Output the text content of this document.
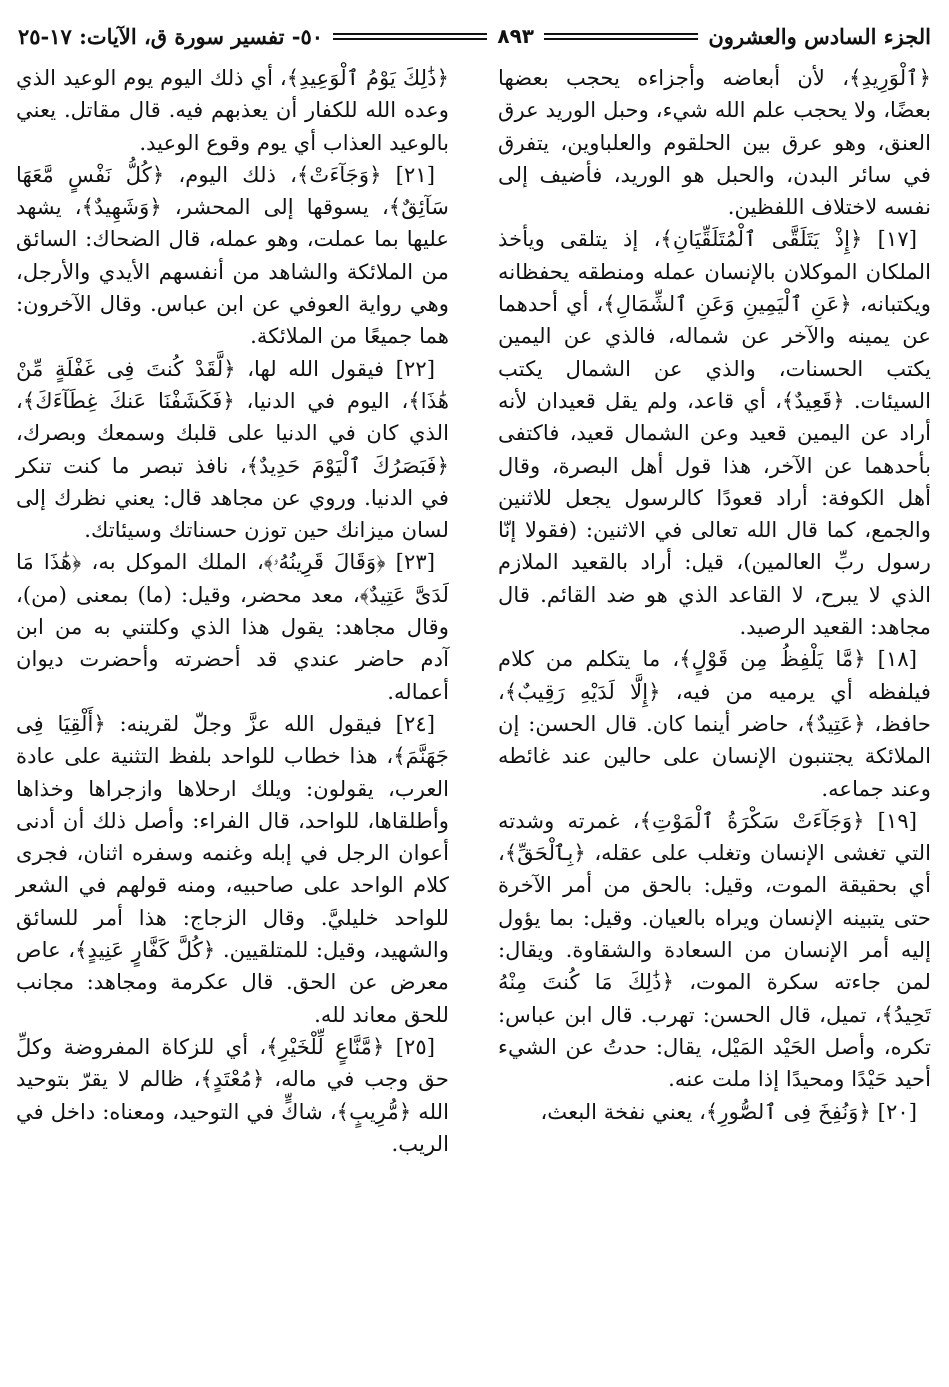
الجزء السادس والعشرون
٨٩٣
٥٠- تفسير سورة ق، الآيات: ١٧-٢٥

﴿ٱلْوَرِيدِ﴾، لأن أبعاضه وأجزاءه يحجب بعضها بعضًا، ولا يحجب علم الله شيء، وحبل الوريد عرق العنق، وهو عرق بين الحلقوم والعلباوين، يتفرق في سائر البدن، والحبل هو الوريد، فأضيف إلى نفسه لاختلاف اللفظين.

[١٧] ﴿إِذْ يَتَلَقَّى ٱلْمُتَلَقِّيَانِ﴾، إذ يتلقى ويأخذ الملكان الموكلان بالإنسان عمله ومنطقه يحفظانه ويكتبانه، ﴿عَنِ ٱلْيَمِينِ وَعَنِ ٱلشِّمَالِ﴾، أي أحدهما عن يمينه والآخر عن شماله، فالذي عن اليمين يكتب الحسنات، والذي عن الشمال يكتب السيئات. ﴿قَعِيدٌ﴾، أي قاعد، ولم يقل قعيدان لأنه أراد عن اليمين قعيد وعن الشمال قعيد، فاكتفى بأحدهما عن الآخر، هذا قول أهل البصرة، وقال أهل الكوفة: أراد قعودًا كالرسول يجعل للاثنين والجمع، كما قال الله تعالى في الاثنين: (فقولا إنّا رسول ربِّ العالمين)، قيل: أراد بالقعيد الملازم الذي لا يبرح، لا القاعد الذي هو ضد القائم. قال مجاهد: القعيد الرصيد.

[١٨] ﴿مَّا يَلْفِظُ مِن قَوْلٍ﴾، ما يتكلم من كلام فيلفظه أي يرميه من فيه، ﴿إِلَّا لَدَيْهِ رَقِيبٌ﴾، حافظ، ﴿عَتِيدٌ﴾، حاضر أينما كان. قال الحسن: إن الملائكة يجتنبون الإنسان على حالين عند غائطه وعند جماعه.

[١٩] ﴿وَجَآءَتْ سَكْرَةُ ٱلْمَوْتِ﴾، غمرته وشدته التي تغشى الإنسان وتغلب على عقله، ﴿بِٱلْحَقِّ﴾، أي بحقيقة الموت، وقيل: بالحق من أمر الآخرة حتى يتبينه الإنسان ويراه بالعيان. وقيل: بما يؤول إليه أمر الإنسان من السعادة والشقاوة. ويقال: لمن جاءته سكرة الموت، ﴿ذَٰلِكَ مَا كُنتَ مِنْهُ تَحِيدُ﴾، تميل، قال الحسن: تهرب. قال ابن عباس: تكره، وأصل الحَيْد المَيْل، يقال: حدتُ عن الشيء أحيد حَيْدًا ومحيدًا إذا ملت عنه.

[٢٠] ﴿وَنُفِخَ فِى ٱلصُّورِ﴾، يعني نفخة البعث،

﴿ذَٰلِكَ يَوْمُ ٱلْوَعِيدِ﴾، أي ذلك اليوم يوم الوعيد الذي وعده الله للكفار أن يعذبهم فيه. قال مقاتل. يعني بالوعيد العذاب أي يوم وقوع الوعيد.

[٢١] ﴿وَجَآءَتْ﴾، ذلك اليوم، ﴿كُلُّ نَفْسٍ مَّعَهَا سَآئِقٌ﴾، يسوقها إلى المحشر، ﴿وَشَهِيدٌ﴾، يشهد عليها بما عملت، وهو عمله، قال الضحاك: السائق من الملائكة والشاهد من أنفسهم الأيدي والأرجل، وهي رواية العوفي عن ابن عباس. وقال الآخرون: هما جميعًا من الملائكة.

[٢٢] فيقول الله لها، ﴿لَّقَدْ كُنتَ فِى غَفْلَةٍ مِّنْ هَٰذَا﴾، اليوم في الدنيا، ﴿فَكَشَفْنَا عَنكَ غِطَآءَكَ﴾، الذي كان في الدنيا على قلبك وسمعك وبصرك، ﴿فَبَصَرُكَ ٱلْيَوْمَ حَدِيدٌ﴾، نافذ تبصر ما كنت تنكر في الدنيا. وروي عن مجاهد قال: يعني نظرك إلى لسان ميزانك حين توزن حسناتك وسيئاتك.

[٢٣] ﴿وَقَالَ قَرِينُهُۥ﴾، الملك الموكل به، ﴿هَٰذَا مَا لَدَىَّ عَتِيدٌ﴾، معد محضر، وقيل: (ما) بمعنى (من)، وقال مجاهد: يقول هذا الذي وكلتني به من ابن آدم حاضر عندي قد أحضرته وأحضرت ديوان أعماله.

[٢٤] فيقول الله عزَّ وجلّ لقرينه: ﴿أَلْقِيَا فِى جَهَنَّمَ﴾، هذا خطاب للواحد بلفظ التثنية على عادة العرب، يقولون: ويلك ارحلاها وازجراها وخذاها وأطلقاها، للواحد، قال الفراء: وأصل ذلك أن أدنى أعوان الرجل في إبله وغنمه وسفره اثنان، فجرى كلام الواحد على صاحبيه، ومنه قولهم في الشعر للواحد خليليَّ. وقال الزجاج: هذا أمر للسائق والشهيد، وقيل: للمتلقيين. ﴿كُلَّ كَفَّارٍ عَنِيدٍ﴾، عاص معرض عن الحق. قال عكرمة ومجاهد: مجانب للحق معاند لله.

[٢٥] ﴿مَّنَّاعٍ لِّلْخَيْرِ﴾، أي للزكاة المفروضة وكلِّ حق وجب في ماله، ﴿مُعْتَدٍ﴾، ظالم لا يقرّ بتوحيد الله ﴿مُّرِيبٍ﴾، شاكٍّ في التوحيد، ومعناه: داخل في الريب.
